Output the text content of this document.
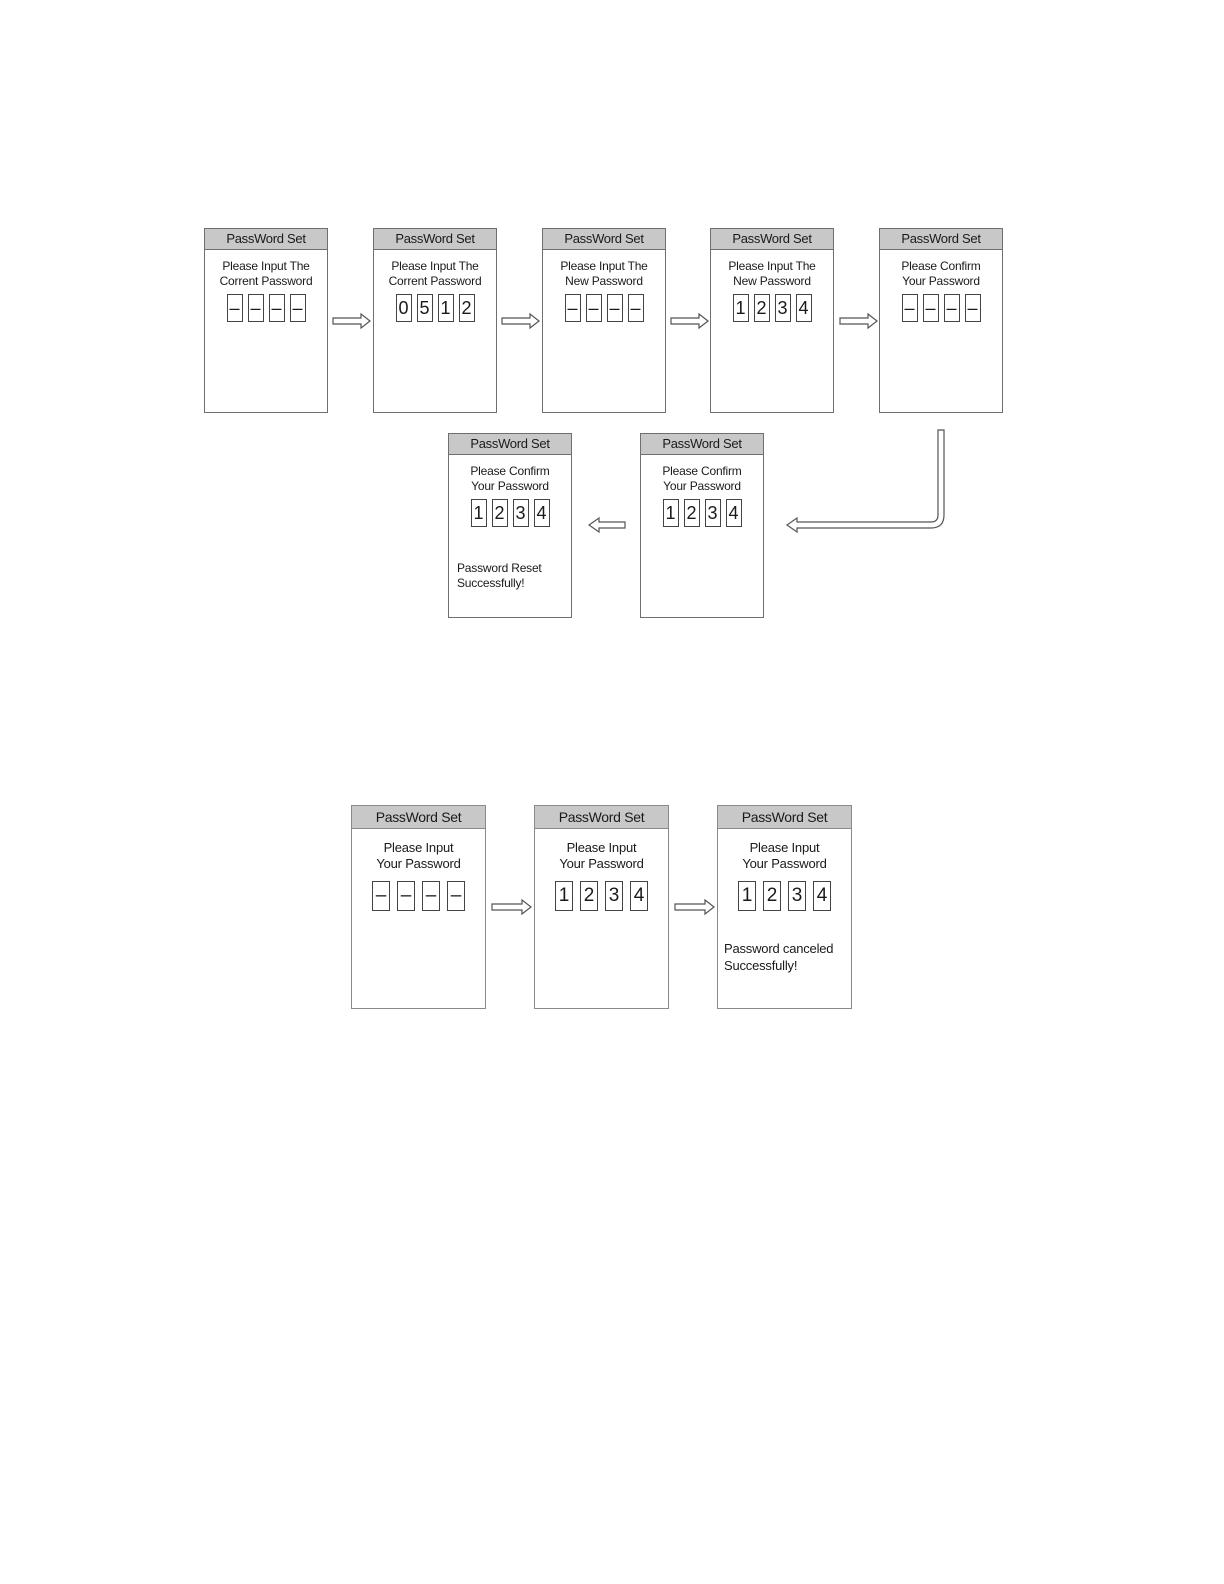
PassWord Set
Please Input The
Corrent Password
– – – –
PassWord Set
Please Input The
Corrent Password
0 5 1 2
PassWord Set
Please Input The
New Password
– – – –
PassWord Set
Please Input The
New Password
1 2 3 4
PassWord Set
Please Confirm
Your Password
– – – –
PassWord Set
Please Confirm
Your Password
1 2 3 4
PassWord Set
Please Confirm
Your Password
1 2 3 4
Password Reset
Successfully!
PassWord Set
Please Input
Your Password
– – – –
PassWord Set
Please Input
Your Password
1 2 3 4
PassWord Set
Please Input
Your Password
1 2 3 4
Password canceled
Successfully!
